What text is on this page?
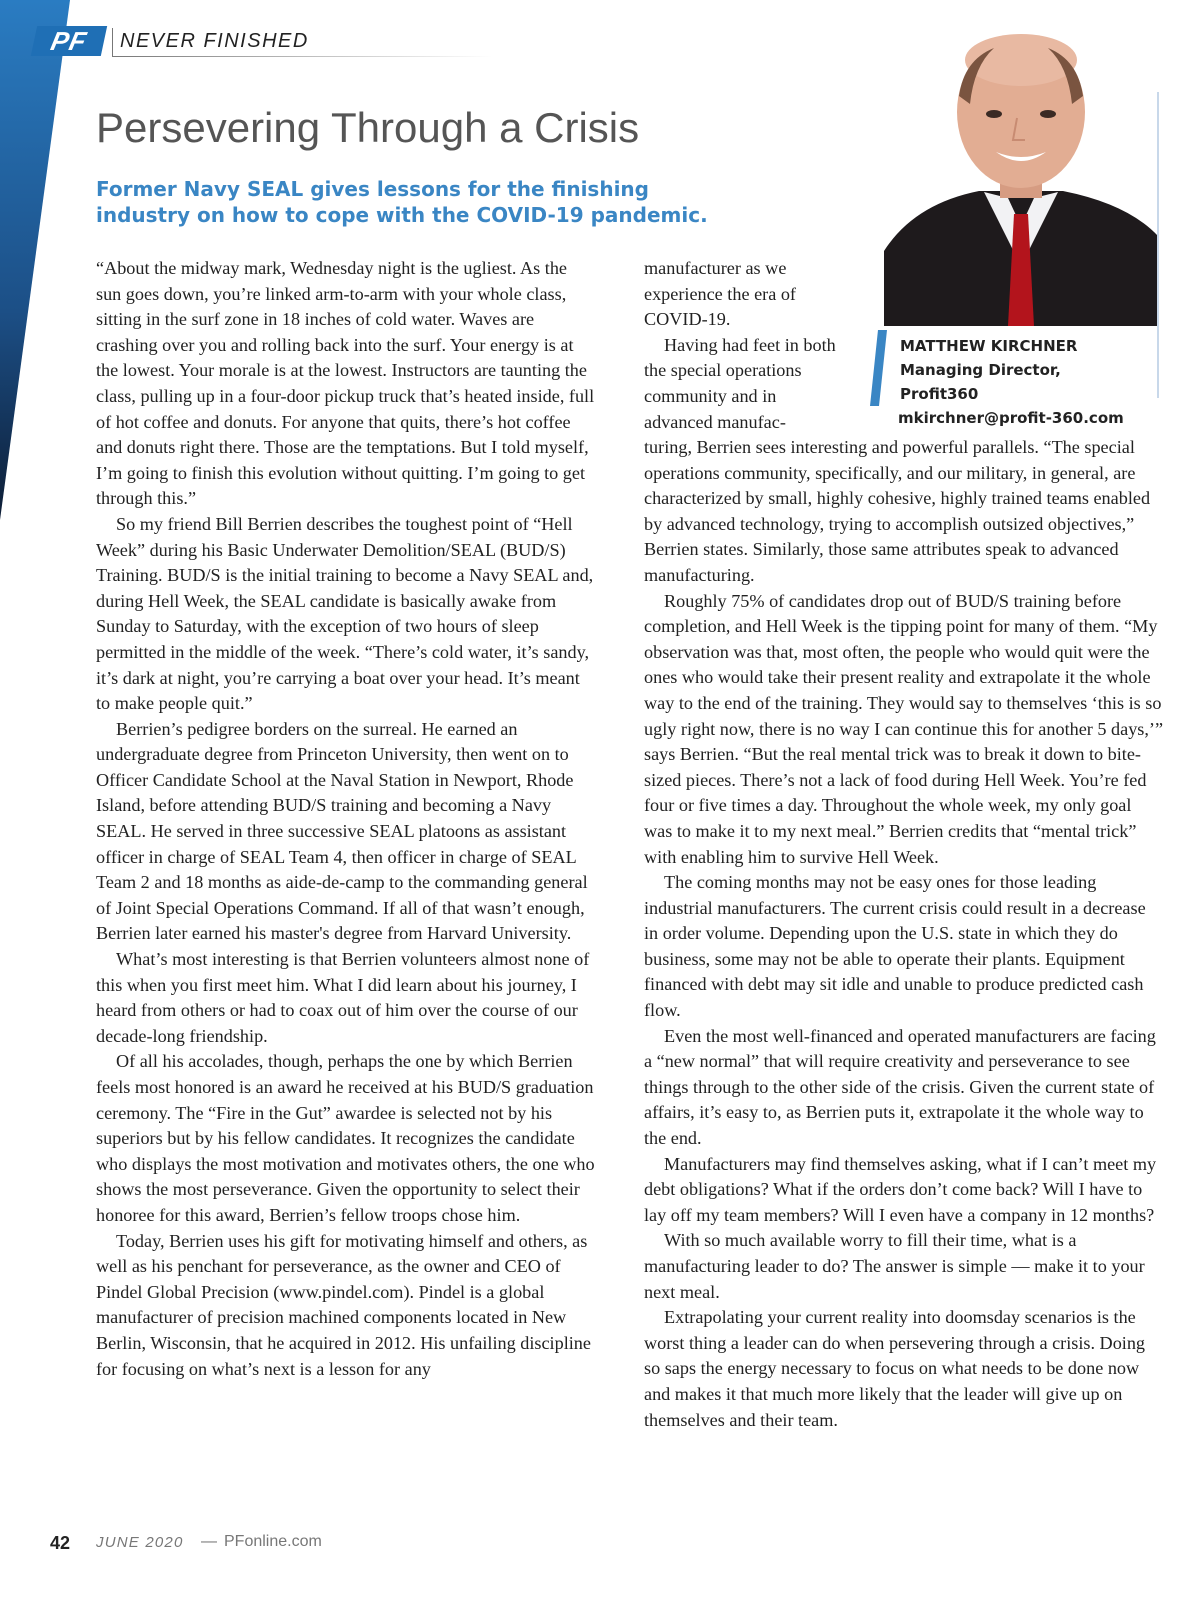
PF	NEVER FINISHED
Persevering Through a Crisis

Former Navy SEAL gives lessons for the finishing industry on how to cope with the COVID-19 pandemic.

MATTHEW KIRCHNER
Managing Director, Profit360
mkirchner@profit-360.com

“About the midway mark, Wednesday night is the ugliest. As the sun goes down, you’re linked arm-to-arm with your whole class, sitting in the surf zone in 18 inches of cold water. Waves are crashing over you and rolling back into the surf. Your energy is at the lowest. Your morale is at the lowest. Instructors are taunting the class, pulling up in a four-door pickup truck that’s heated inside, full of hot coffee and donuts. For anyone that quits, there’s hot coffee and donuts right there. Those are the temptations. But I told myself, I’m going to finish this evolution without quitting. I’m going to get through this.”

So my friend Bill Berrien describes the toughest point of “Hell Week” during his Basic Underwater Demolition/SEAL (BUD/S) Training. BUD/S is the initial training to become a Navy SEAL and, during Hell Week, the SEAL candidate is basically awake from Sunday to Saturday, with the exception of two hours of sleep permitted in the middle of the week. “There’s cold water, it’s sandy, it’s dark at night, you’re carrying a boat over your head. It’s meant to make people quit.”

Berrien’s pedigree borders on the surreal. He earned an undergraduate degree from Princeton University, then went on to Officer Candidate School at the Naval Station in Newport, Rhode Island, before attending BUD/S training and becoming a Navy SEAL. He served in three successive SEAL platoons as assistant officer in charge of SEAL Team 4, then officer in charge of SEAL Team 2 and 18 months as aide-de-camp to the commanding general of Joint Special Operations Command. If all of that wasn’t enough, Berrien later earned his master's degree from Harvard University.

What’s most interesting is that Berrien volunteers almost none of this when you first meet him. What I did learn about his journey, I heard from others or had to coax out of him over the course of our decade-long friendship.

Of all his accolades, though, perhaps the one by which Berrien feels most honored is an award he received at his BUD/S graduation ceremony. The “Fire in the Gut” awardee is selected not by his superiors but by his fellow candidates. It recognizes the candidate who displays the most motivation and motivates others, the one who shows the most perseverance. Given the opportunity to select their honoree for this award, Berrien’s fellow troops chose him.

Today, Berrien uses his gift for motivating himself and others, as well as his penchant for perseverance, as the owner and CEO of Pindel Global Precision (www.pindel.com). Pindel is a global manufacturer of precision machined components located in New Berlin, Wisconsin, that he acquired in 2012. His unfailing discipline for focusing on what’s next is a lesson for any

manufacturer as we experience the era of COVID-19.

Having had feet in both the special operations community and in advanced manufac-

turing, Berrien sees interesting and powerful parallels. “The special operations community, specifically, and our military, in general, are characterized by small, highly cohesive, highly trained teams enabled by advanced technology, trying to accomplish outsized objectives,” Berrien states. Similarly, those same attributes speak to advanced manufacturing.

Roughly 75% of candidates drop out of BUD/S training before completion, and Hell Week is the tipping point for many of them. “My observation was that, most often, the people who would quit were the ones who would take their present reality and extrapolate it the whole way to the end of the training. They would say to themselves ‘this is so ugly right now, there is no way I can continue this for another 5 days,’” says Berrien. “But the real mental trick was to break it down to bite-sized pieces. There’s not a lack of food during Hell Week. You’re fed four or five times a day. Throughout the whole week, my only goal was to make it to my next meal.” Berrien credits that “mental trick” with enabling him to survive Hell Week.

The coming months may not be easy ones for those leading industrial manufacturers. The current crisis could result in a decrease in order volume. Depending upon the U.S. state in which they do business, some may not be able to operate their plants. Equipment financed with debt may sit idle and unable to produce predicted cash flow.

Even the most well-financed and operated manufacturers are facing a “new normal” that will require creativity and perseverance to see things through to the other side of the crisis. Given the current state of affairs, it’s easy to, as Berrien puts it, extrapolate it the whole way to the end.

Manufacturers may find themselves asking, what if I can’t meet my debt obligations? What if the orders don’t come back? Will I have to lay off my team members? Will I even have a company in 12 months?

With so much available worry to fill their time, what is a manufacturing leader to do? The answer is simple — make it to your next meal.

Extrapolating your current reality into doomsday scenarios is the worst thing a leader can do when persevering through a crisis. Doing so saps the energy necessary to focus on what needs to be done now and makes it that much more likely that the leader will give up on themselves and their team.

42 JUNE 2020 — PFonline.com
